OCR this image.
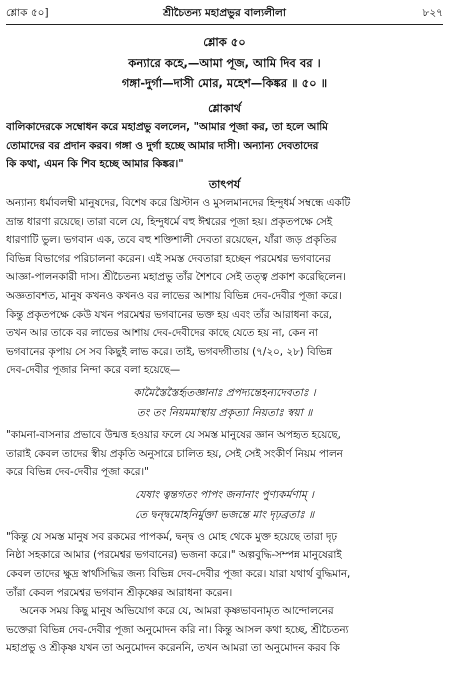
শ্লোক ৫০]	শ্রীচৈতন্য মহাপ্রভুর বাল্যলীলা	৮২৭
শ্লোক ৫০
কন্যারে কহে,—আমা পূজ, আমি দিব বর ।
গঙ্গা-দুর্গা—দাসী মোর, মহেশ—কিঙ্কর ॥ ৫০ ॥
শ্লোকার্থ
বালিকাদেরকে সম্বোধন করে মহাপ্রভু বললেন, "আমার পূজা কর, তা হলে আমি
তোমাদের বর প্রদান করব। গঙ্গা ও দুর্গা হচ্ছে আমার দাসী। অন্যান্য দেবতাদের
কি কথা, এমন কি শিব হচ্ছে আমার কিঙ্কর।"
তাৎপর্য
অন্যান্য ধর্মাবলম্বী মানুষদের, বিশেষ করে খ্রিস্টান ও মুসলমানদের হিন্দুধর্ম সম্বন্ধে একটি
ভ্রান্ত ধারণা রয়েছে। তারা বলে যে, হিন্দুধর্মে বহু ঈশ্বরের পূজা হয়। প্রকৃতপক্ষে সেই
ধারণাটি ভুল। ভগবান এক, তবে বহু শক্তিশালী দেবতা রয়েছেন, যাঁরা জড় প্রকৃতির
বিভিন্ন বিভাগের পরিচালনা করেন। এই সমস্ত দেবতারা হচ্ছেন পরমেশ্বর ভগবানের
আজ্ঞা-পালনকারী দাস। শ্রীচৈতন্য মহাপ্রভু তাঁর শৈশবে সেই তত্ত্ব প্রকাশ করেছিলেন।
অজ্ঞতাবশত, মানুষ কখনও কখনও বর লাভের আশায় বিভিন্ন দেব-দেবীর পূজা করে।
কিন্তু প্রকৃতপক্ষে কেউ যখন পরমেশ্বর ভগবানের ভক্ত হয় এবং তাঁর আরাধনা করে,
তখন আর তাকে বর লাভের আশায় দেব-দেবীদের কাছে যেতে হয় না, কেন না
ভগবানের কৃপায় সে সব কিছুই লাভ করে। তাই, ভগবদ্গীতায় (৭/২০, ২৮) বিভিন্ন
দেব-দেবীর পূজার নিন্দা করে বলা হয়েছে—
কামৈস্তৈস্তৈর্হৃতজ্ঞানাঃ প্রপদ্যন্তেহন্যদেবতাঃ ।
তং তং নিয়মমাস্থায় প্রকৃত্যা নিয়তাঃ স্বয়া ॥
"কামনা-বাসনার প্রভাবে উন্মত্ত হওয়ার ফলে যে সমস্ত মানুষের জ্ঞান অপহৃত হয়েছে,
তারাই কেবল তাদের স্বীয় প্রকৃতি অনুসারে চালিত হয়, সেই সেই সংকীর্ণ নিয়ম পালন
করে বিভিন্ন দেব-দেবীর পূজা করে।"
যেষাং ত্বন্তগতং পাপং জনানাং পুণ্যকর্মণাম্ ।
তে দ্বন্দ্বমোহনির্মুক্তা ভজন্তে মাং দৃঢ়ব্রতাঃ ॥
"কিন্তু যে সমস্ত মানুষ সব রকমের পাপকর্ম, দ্বন্দ্ব ও মোহ থেকে মুক্ত হয়েছে তারা দৃঢ়
নিষ্ঠা সহকারে আমার (পরমেশ্বর ভগবানের) ভজনা করে।" অল্পবুদ্ধি-সম্পন্ন মানুষেরাই
কেবল তাদের ক্ষুদ্র স্বার্থসিদ্ধির জন্য বিভিন্ন দেব-দেবীর পূজা করে। যারা যথার্থ বুদ্ধিমান,
তাঁরা কেবল পরমেশ্বর ভগবান শ্রীকৃষ্ণের আরাধনা করেন।
অনেক সময় কিছু মানুষ অভিযোগ করে যে, আমরা কৃষ্ণভাবনামৃত আন্দোলনের
ভক্তেরা বিভিন্ন দেব-দেবীর পূজা অনুমোদন করি না। কিন্তু আসল কথা হচ্ছে, শ্রীচৈতন্য
মহাপ্রভু ও শ্রীকৃষ্ণ যখন তা অনুমোদন করেননি, তখন আমরা তা অনুমোদন করব কি
